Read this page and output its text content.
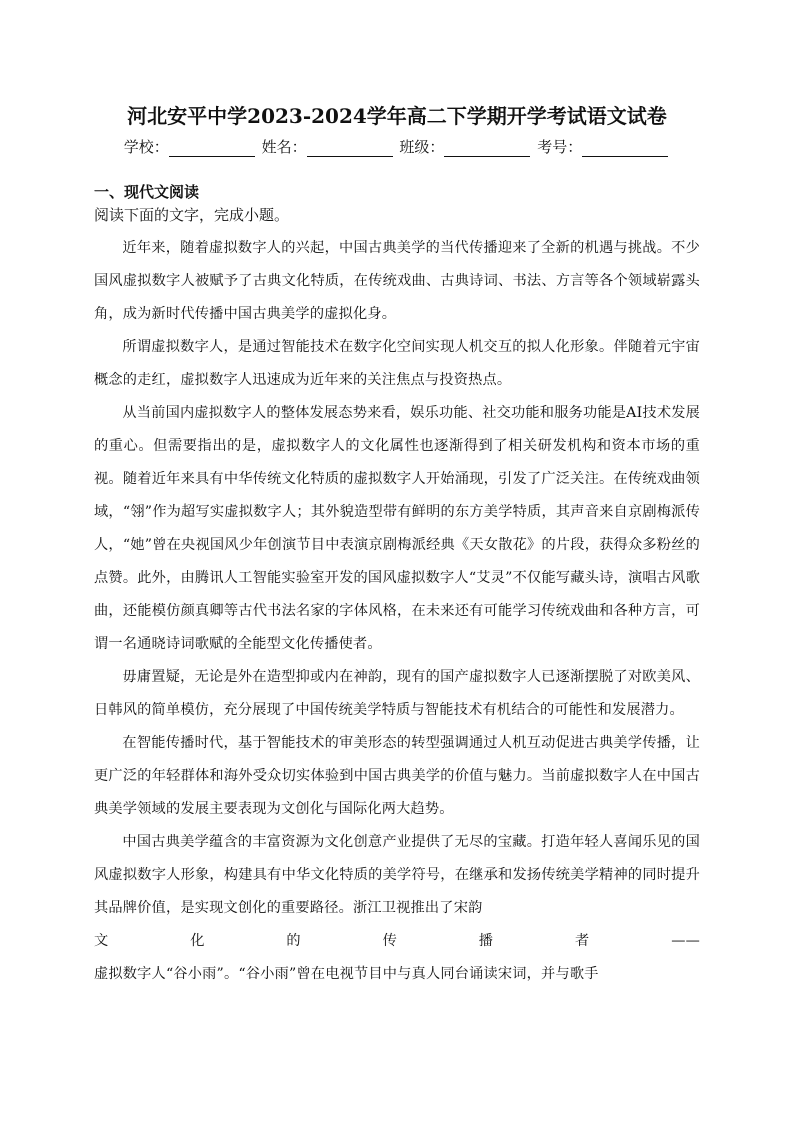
河北安平中学2023-2024学年高二下学期开学考试语文试卷
学校：	姓名：	班级：	考号：
一、现代文阅读
阅读下面的文字，完成小题。

近年来，随着虚拟数字人的兴起，中国古典美学的当代传播迎来了全新的机遇与挑战。不少国风虚拟数字人被赋予了古典文化特质，在传统戏曲、古典诗词、书法、方言等各个领域崭露头角，成为新时代传播中国古典美学的虚拟化身。

所谓虚拟数字人，是通过智能技术在数字化空间实现人机交互的拟人化形象。伴随着元宇宙概念的走红，虚拟数字人迅速成为近年来的关注焦点与投资热点。

从当前国内虚拟数字人的整体发展态势来看，娱乐功能、社交功能和服务功能是AI技术发展的重心。但需要指出的是，虚拟数字人的文化属性也逐渐得到了相关研发机构和资本市场的重视。随着近年来具有中华传统文化特质的虚拟数字人开始涌现，引发了广泛关注。在传统戏曲领域，“翎”作为超写实虚拟数字人；其外貌造型带有鲜明的东方美学特质，其声音来自京剧梅派传人，“她”曾在央视国风少年创演节目中表演京剧梅派经典《天女散花》的片段，获得众多粉丝的点赞。此外，由腾讯人工智能实验室开发的国风虚拟数字人“艾灵”不仅能写藏头诗，演唱古风歌曲，还能模仿颜真卿等古代书法名家的字体风格，在未来还有可能学习传统戏曲和各种方言，可谓一名通晓诗词歌赋的全能型文化传播使者。

毋庸置疑，无论是外在造型抑或内在神韵，现有的国产虚拟数字人已逐渐摆脱了对欧美风、日韩风的简单模仿，充分展现了中国传统美学特质与智能技术有机结合的可能性和发展潜力。

在智能传播时代，基于智能技术的审美形态的转型强调通过人机互动促进古典美学传播，让更广泛的年轻群体和海外受众切实体验到中国古典美学的价值与魅力。当前虚拟数字人在中国古典美学领域的发展主要表现为文创化与国际化两大趋势。

中国古典美学蕴含的丰富资源为文化创意产业提供了无尽的宝藏。打造年轻人喜闻乐见的国风虚拟数字人形象，构建具有中华文化特质的美学符号，在继承和发扬传统美学精神的同时提升其品牌价值，是实现文创化的重要路径。浙江卫视推出了宋韵

文化的传播者——

虚拟数字人“谷小雨”。“谷小雨”曾在电视节目中与真人同台诵读宋词，并与歌手
